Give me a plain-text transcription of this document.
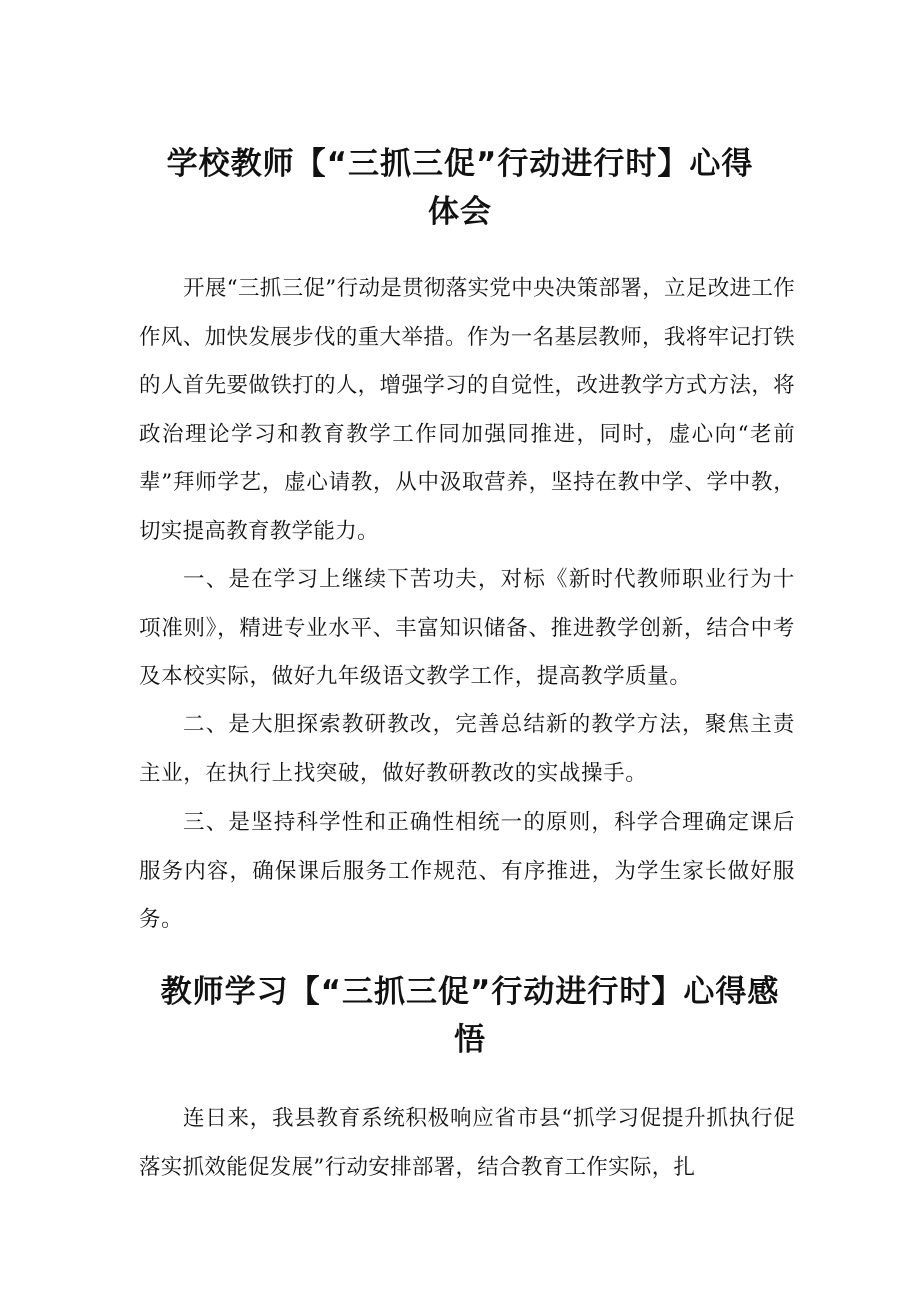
学校教师【“三抓三促”行动进行时】心得
体会

开展“三抓三促”行动是贯彻落实党中央决策部署，立足改进工作作风、加快发展步伐的重大举措。作为一名基层教师，我将牢记打铁的人首先要做铁打的人，增强学习的自觉性，改进教学方式方法，将政治理论学习和教育教学工作同加强同推进，同时，虚心向“老前辈”拜师学艺，虚心请教，从中汲取营养，坚持在教中学、学中教，切实提高教育教学能力。

一、是在学习上继续下苦功夫，对标《新时代教师职业行为十项准则》，精进专业水平、丰富知识储备、推进教学创新，结合中考及本校实际，做好九年级语文教学工作，提高教学质量。

二、是大胆探索教研教改，完善总结新的教学方法，聚焦主责主业，在执行上找突破，做好教研教改的实战操手。

三、是坚持科学性和正确性相统一的原则，科学合理确定课后服务内容，确保课后服务工作规范、有序推进，为学生家长做好服务。

教师学习【“三抓三促”行动进行时】心得感
悟

连日来，我县教育系统积极响应省市县“抓学习促提升抓执行促落实抓效能促发展”行动安排部署，结合教育工作实际，扎
